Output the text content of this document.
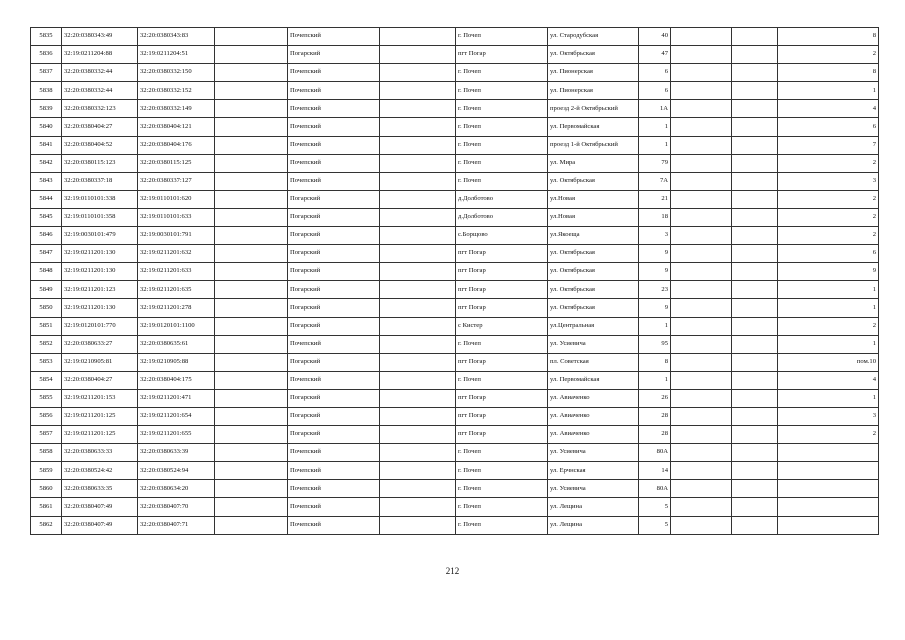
5835	32:20:0380343:49	32:20:0380343:83		Почепский		г. Почеп	ул. Стародубская	40			8
5836	32:19:0211204:88	32:19:0211204:51		Погарский		пгт Погар	ул. Октябрьская	47			2
5837	32:20:0380332:44	32:20:0380332:150		Почепский		г. Почеп	ул. Пионерская	6			8
5838	32:20:0380332:44	32:20:0380332:152		Почепский		г. Почеп	ул. Пионерская	6			1
5839	32:20:0380332:123	32:20:0380332:149		Почепский		г. Почеп	проезд 2-й Октябрьский	1А			4
5840	32:20:0380404:27	32:20:0380404:121		Почепский		г. Почеп	ул. Первомайская	1			6
5841	32:20:0380404:52	32:20:0380404:176		Почепский		г. Почеп	проезд 1-й Октябрьский	1			7
5842	32:20:0380115:123	32:20:0380115:125		Почепский		г. Почеп	ул. Мира	79			2
5843	32:20:0380337:18	32:20:0380337:127		Почепский		г. Почеп	ул. Октябрьская	7А			3
5844	32:19:0110101:338	32:19:0110101:620		Погарский		д.Долботово	ул.Новая	21			2
5845	32:19:0110101:358	32:19:0110101:633		Погарский		д.Долботово	ул.Новая	18			2
5846	32:19:0030101:479	32:19:0030101:791		Погарский		с.Борщово	ул.Якоеща	3			2
5847	32:19:0211201:130	32:19:0211201:632		Погарский		пгт Погар	ул. Октябрьская	9			6
5848	32:19:0211201:130	32:19:0211201:633		Погарский		пгт Погар	ул. Октябрьская	9			9
5849	32:19:0211201:123	32:19:0211201:635		Погарский		пгт Погар	ул. Октябрьская	23			1
5850	32:19:0211201:130	32:19:0211201:278		Погарский		пгт Погар	ул. Октябрьская	9			1
5851	32:19:0120101:770	32:19:0120101:1100		Погарский		с Кистер	ул.Центральная	1			2
5852	32:20:0380633:27	32:20:0380635:61		Почепский		г. Почеп	ул. Усиевича	95			1
5853	32:19:0210905:81	32:19:0210905:88		Погарский		пгт Погар	пл. Советская	8			пом.10
5854	32:20:0380404:27	32:20:0380404:175		Почепский		г. Почеп	ул. Первомайская	1			4
5855	32:19:0211201:153	32:19:0211201:471		Погарский		пгт Погар	ул. Авиаченко	26			1
5856	32:19:0211201:125	32:19:0211201:654		Погарский		пгт Погар	ул. Авиаченко	28			3
5857	32:19:0211201:125	32:19:0211201:655		Погарский		пгт Погар	ул. Авиаченко	28			2
5858	32:20:0380633:33	32:20:0380633:39		Почепский		г. Почеп	ул. Усиевича	80А			
5859	32:20:0380524:42	32:20:0380524:94		Почепский		г. Почеп	ул. Ерчнская	14			
5860	32:20:0380633:35	32:20:0380634:20		Почепский		г. Почеп	ул. Усиевича	80А			
5861	32:20:0380407:49	32:20:0380407:70		Почепский		г. Почеп	ул. Лещина	5			
5862	32:20:0380407:49	32:20:0380407:71		Почепский		г. Почеп	ул. Лещина	5			
212
